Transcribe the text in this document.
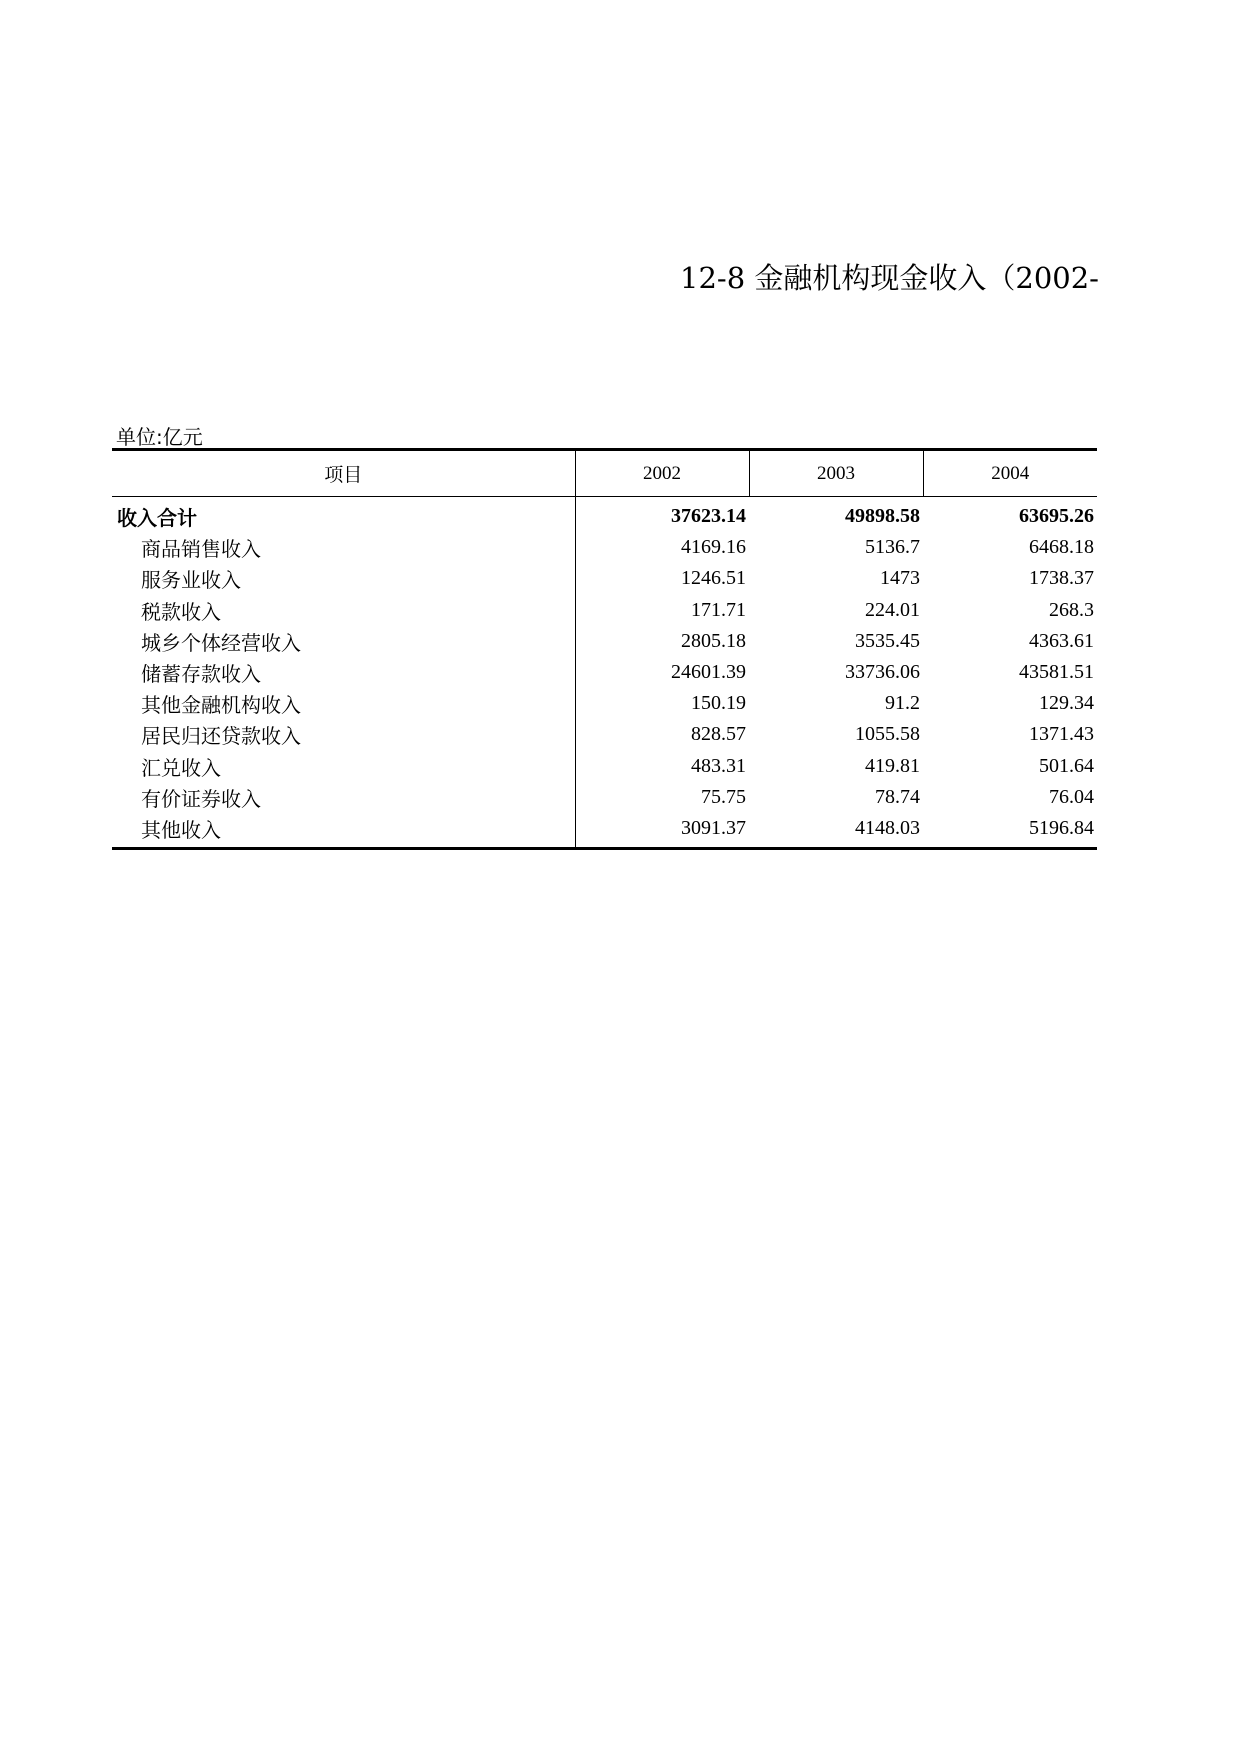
12-8 金融机构现金收入（2002-
单位:亿元
项目	2002	2003	2004
收入合计	37623.14	49898.58	63695.26
商品销售收入	4169.16	5136.7	6468.18
服务业收入	1246.51	1473	1738.37
税款收入	171.71	224.01	268.3
城乡个体经营收入	2805.18	3535.45	4363.61
储蓄存款收入	24601.39	33736.06	43581.51
其他金融机构收入	150.19	91.2	129.34
居民归还贷款收入	828.57	1055.58	1371.43
汇兑收入	483.31	419.81	501.64
有价证券收入	75.75	78.74	76.04
其他收入	3091.37	4148.03	5196.84
